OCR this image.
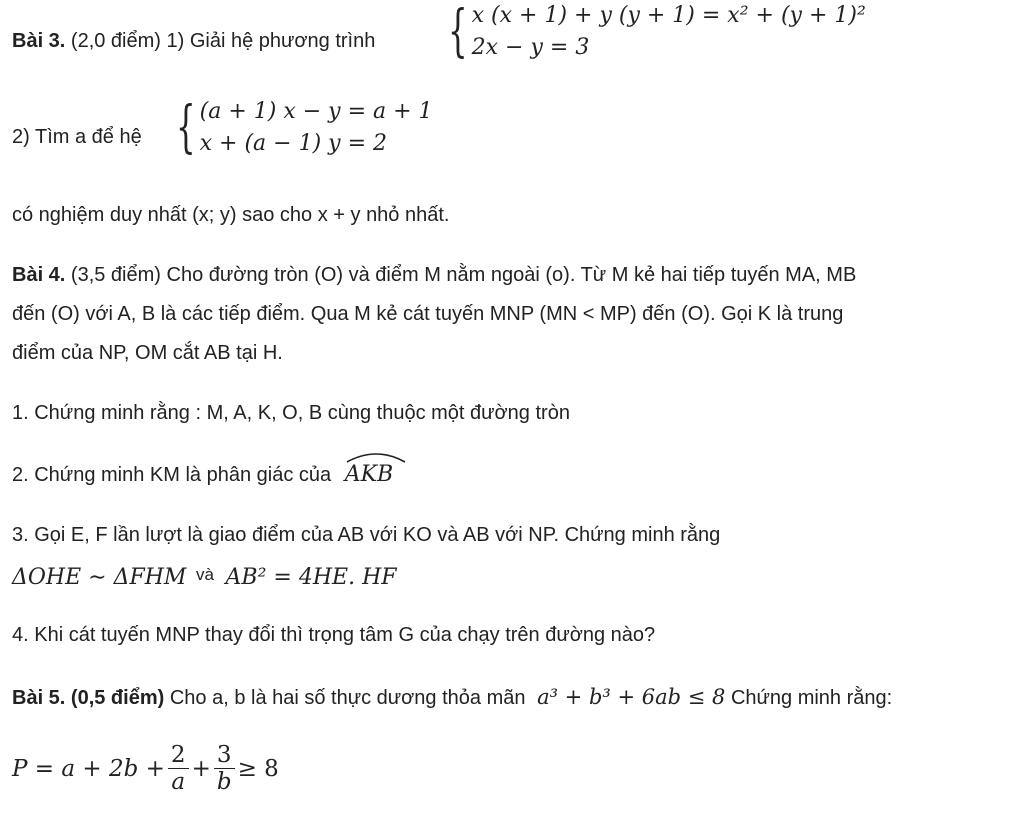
Bài 3. (2,0 điểm) 1) Giải hệ phương trình { x (x + 1) + y (y + 1) = x² + (y + 1)²
2x − y = 3
2) Tìm a để hệ { (a + 1) x − y = a + 1
x + (a − 1) y = 2
có nghiệm duy nhất (x; y) sao cho x + y nhỏ nhất.
Bài 4. (3,5 điểm) Cho đường tròn (O) và điểm M nằm ngoài (o). Từ M kẻ hai tiếp tuyến MA, MB
đến (O) với A, B là các tiếp điểm. Qua M kẻ cát tuyến MNP (MN < MP) đến (O). Gọi K là trung
điểm của NP, OM cắt AB tại H.
1. Chứng minh rằng : M, A, K, O, B cùng thuộc một đường tròn
2. Chứng minh KM là phân giác của AKB
3. Gọi E, F lần lượt là giao điểm của AB với KO và AB với NP. Chứng minh rằng
ΔOHE ∼ ΔFHM $^{và}$ AB² = 4HE. HF
4. Khi cát tuyến MNP thay đổi thì trọng tâm G của chạy trên đường nào?
Bài 5. (0,5 điểm) Cho a, b là hai số thực dương thỏa mãn a³ + b³ + 6ab ≤ 8 Chứng minh rằng:
$P = a + 2b + \frac{2}{a} + \frac{3}{b} \ge 8$
